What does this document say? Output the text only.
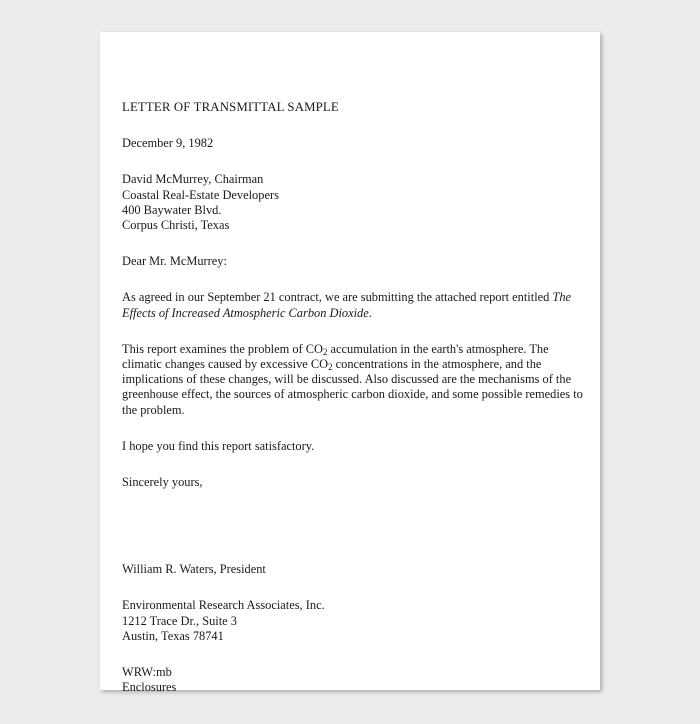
LETTER OF TRANSMITTAL SAMPLE
December 9, 1982
David McMurrey, Chairman
Coastal Real-Estate Developers
400 Baywater Blvd.
Corpus Christi, Texas
Dear Mr. McMurrey:

As agreed in our September 21 contract, we are submitting the attached report entitled The Effects of Increased Atmospheric Carbon Dioxide.

This report examines the problem of $CO_2$ accumulation in the earth's atmosphere. The climatic changes caused by excessive $CO_2$ concentrations in the atmosphere, and the implications of these changes, will be discussed. Also discussed are the mechanisms of the greenhouse effect, the sources of atmospheric carbon dioxide, and some possible remedies to the problem.

I hope you find this report satisfactory.

Sincerely yours,
William R. Waters, President
Environmental Research Associates, Inc.
1212 Trace Dr., Suite 3
Austin, Texas 78741
WRW:mb
Enclosures
